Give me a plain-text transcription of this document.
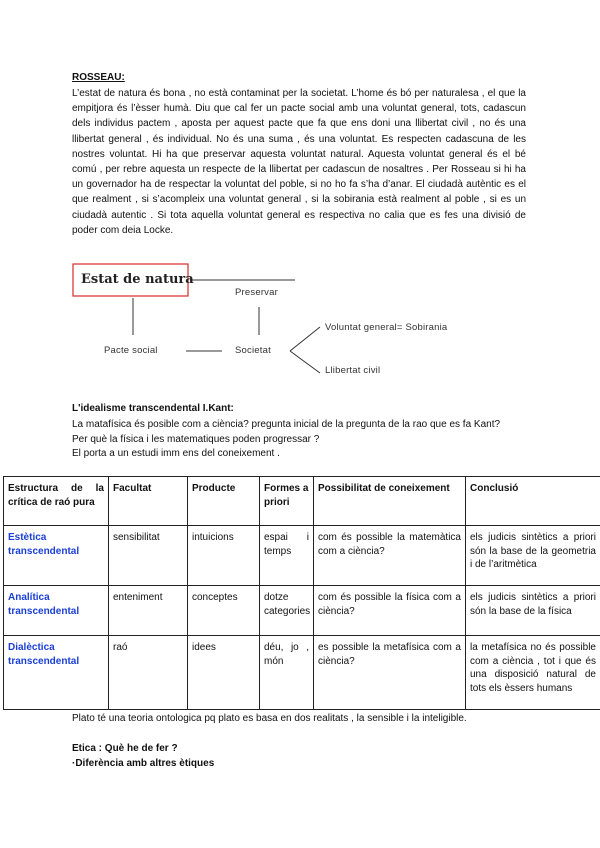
ROSSEAU:

L’estat de natura és bona , no està contaminat per la societat. L’home és bó per naturalesa , el que la empitjora és l’èsser humà. Diu que cal fer un pacte social amb una voluntat general, tots, cadascun dels individus pactem , aposta per aquest pacte que fa que ens doni una llibertat civil , no és una llibertat general , és individual. No és una suma , és una voluntat. Es respecten cadascuna de les nostres voluntat. Hi ha que preservar aquesta voluntat natural. Aquesta voluntat general és el bé comú , per rebre aquesta un respecte de la llibertat per cadascun de nosaltres . Per Rosseau si hi ha un governador ha de respectar la voluntat del poble, si no ho fa s’ha d’anar. El ciudadà autèntic es el que realment , si s’acompleix una voluntat general , si la sobirania està realment al poble , si es un ciudadà autentic . Si tota aquella voluntat general es respectiva no calia que es fes una divisió de poder com deia Locke.

Estat de natura
Preservar
Pacte social	Societat
Voluntat general= Sobirania
Llibertat civil
L'idealisme transcendental I.Kant:
La matafísica és posible com a ciència? pregunta inicial de la pregunta de la rao que es fa Kant?
Per què la física i les matematiques poden progressar ?
El porta a un estudi imm ens del coneixement .
Estructura de la crítica de raó pura	Facultat	Producte	Formes a priori	Possibilitat de coneixement	Conclusió
Estètica transcendental	sensibilitat	intuicions	espai i temps	com és possible la matemàtica com a ciència?	els judicis sintètics a priori són la base de la geometria i de l’aritmètica
Analítica transcendental	enteniment	conceptes	dotze categories	com és possible la física com a ciència?	els judicis sintètics a priori són la base de la física
Dialèctica transcendental	raó	idees	déu, jo , món	es possible la metafísica com a ciència?	la metafísica no és possible com a ciència , tot i que és una disposició natural de tots els èssers humans
Plato té una teoria ontologica pq plato es basa en dos realitats , la sensible i la inteligible.
Etica : Què he de fer ?
·Diferència amb altres ètiques
